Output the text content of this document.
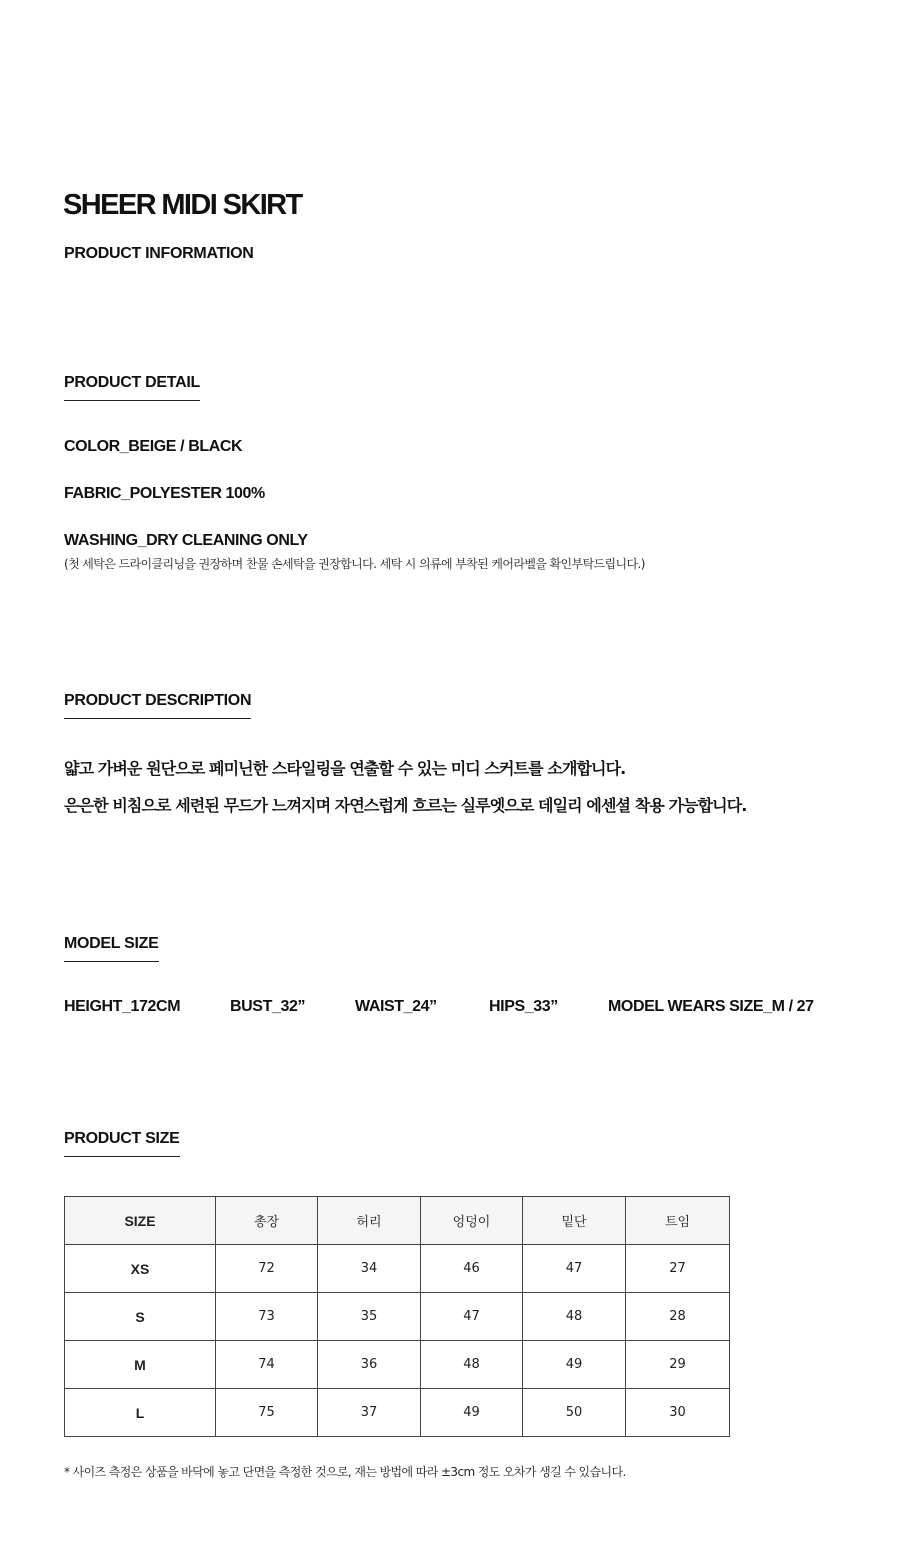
SHEER MIDI SKIRT
PRODUCT INFORMATION
PRODUCT DETAIL
COLOR_BEIGE / BLACK
FABRIC_POLYESTER 100%
WASHING_DRY CLEANING ONLY
(첫 세탁은 드라이클리닝을 권장하며 찬물 손세탁을 권장합니다. 세탁 시 의류에 부착된 케어라벨을 확인부탁드립니다.)
PRODUCT DESCRIPTION
얇고 가벼운 원단으로 페미닌한 스타일링을 연출할 수 있는 미디 스커트를 소개합니다.
은은한 비침으로 세련된 무드가 느껴지며 자연스럽게 흐르는 실루엣으로 데일리 에센셜 착용 가능합니다.
MODEL SIZE
HEIGHT_172CM	BUST_32”	WAIST_24”	HIPS_33”	MODEL WEARS SIZE_M / 27
PRODUCT SIZE
SIZE	총장	허리	엉덩이	밑단	트임
XS	72	34	46	47	27
S	73	35	47	48	28
M	74	36	48	49	29
L	75	37	49	50	30
* 사이즈 측정은 상품을 바닥에 놓고 단면을 측정한 것으로, 재는 방법에 따라 ±3cm 정도 오차가 생길 수 있습니다.
